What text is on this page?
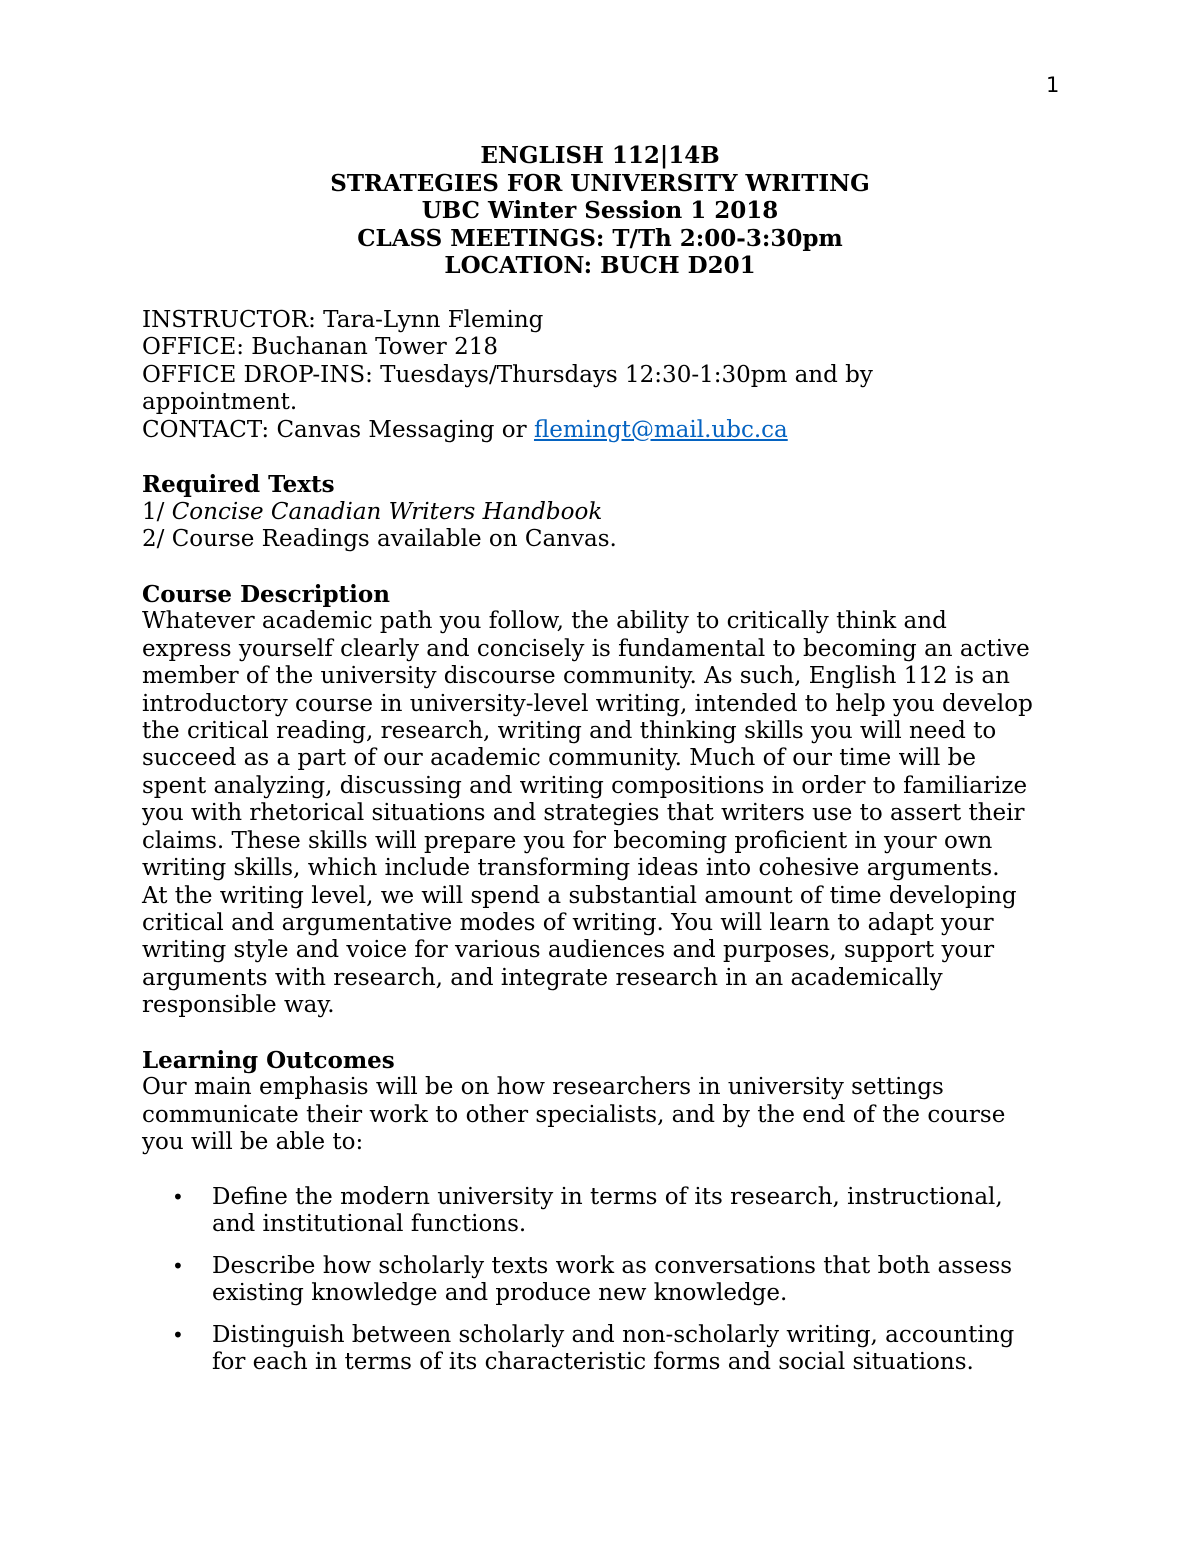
1
ENGLISH 112|14B
STRATEGIES FOR UNIVERSITY WRITING
UBC Winter Session 1 2018
CLASS MEETINGS: T/Th 2:00-3:30pm
LOCATION: BUCH D201
INSTRUCTOR: Tara-Lynn Fleming
OFFICE: Buchanan Tower 218
OFFICE DROP-INS: Tuesdays/Thursdays 12:30-1:30pm and by
appointment.
CONTACT: Canvas Messaging or flemingt@mail.ubc.ca
Required Texts
1/ Concise Canadian Writers Handbook
2/ Course Readings available on Canvas.
Course Description
Whatever academic path you follow, the ability to critically think and
express yourself clearly and concisely is fundamental to becoming an active
member of the university discourse community. As such, English 112 is an
introductory course in university-level writing, intended to help you develop
the critical reading, research, writing and thinking skills you will need to
succeed as a part of our academic community. Much of our time will be
spent analyzing, discussing and writing compositions in order to familiarize
you with rhetorical situations and strategies that writers use to assert their
claims. These skills will prepare you for becoming proficient in your own
writing skills, which include transforming ideas into cohesive arguments.
At the writing level, we will spend a substantial amount of time developing
critical and argumentative modes of writing. You will learn to adapt your
writing style and voice for various audiences and purposes, support your
arguments with research, and integrate research in an academically
responsible way.
Learning Outcomes
Our main emphasis will be on how researchers in university settings
communicate their work to other specialists, and by the end of the course
you will be able to:
• Define the modern university in terms of its research, instructional,
and institutional functions.
• Describe how scholarly texts work as conversations that both assess
existing knowledge and produce new knowledge.
• Distinguish between scholarly and non-scholarly writing, accounting
for each in terms of its characteristic forms and social situations.
